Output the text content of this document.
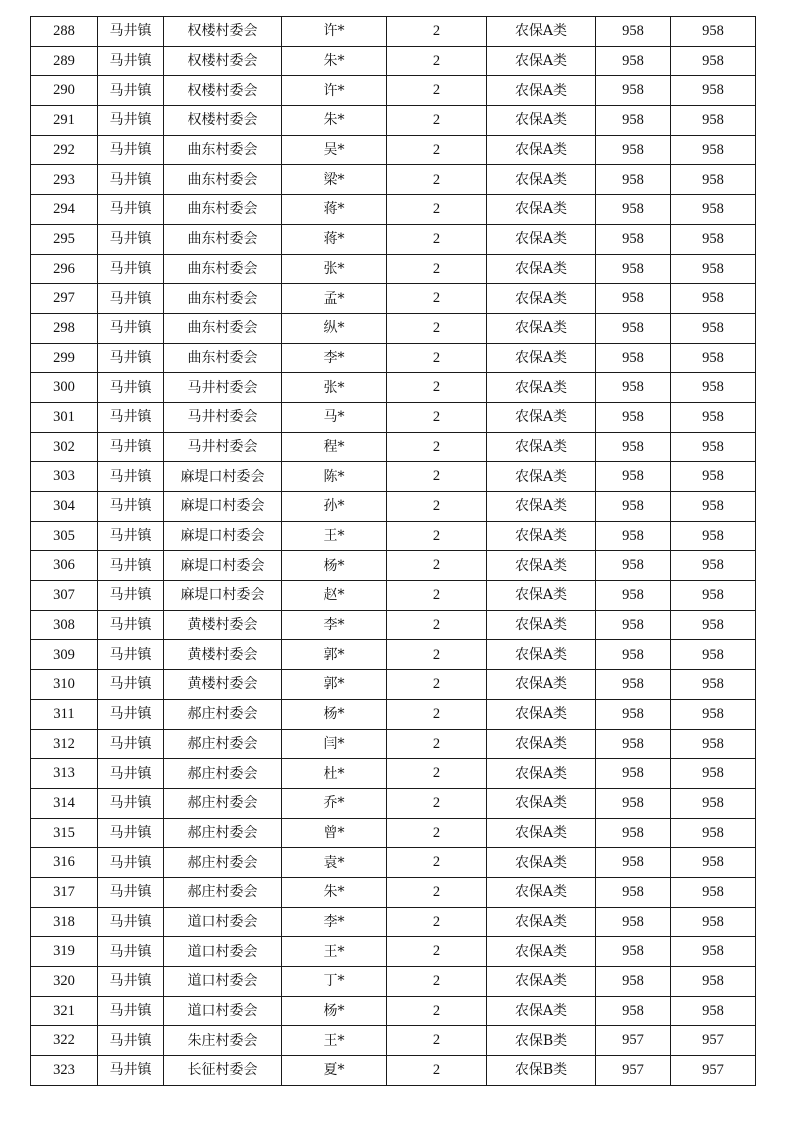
288	马井镇	权楼村委会	许*	2	农保A类	958	958
289	马井镇	权楼村委会	朱*	2	农保A类	958	958
290	马井镇	权楼村委会	许*	2	农保A类	958	958
291	马井镇	权楼村委会	朱*	2	农保A类	958	958
292	马井镇	曲东村委会	吴*	2	农保A类	958	958
293	马井镇	曲东村委会	梁*	2	农保A类	958	958
294	马井镇	曲东村委会	蒋*	2	农保A类	958	958
295	马井镇	曲东村委会	蒋*	2	农保A类	958	958
296	马井镇	曲东村委会	张*	2	农保A类	958	958
297	马井镇	曲东村委会	孟*	2	农保A类	958	958
298	马井镇	曲东村委会	纵*	2	农保A类	958	958
299	马井镇	曲东村委会	李*	2	农保A类	958	958
300	马井镇	马井村委会	张*	2	农保A类	958	958
301	马井镇	马井村委会	马*	2	农保A类	958	958
302	马井镇	马井村委会	程*	2	农保A类	958	958
303	马井镇	麻堤口村委会	陈*	2	农保A类	958	958
304	马井镇	麻堤口村委会	孙*	2	农保A类	958	958
305	马井镇	麻堤口村委会	王*	2	农保A类	958	958
306	马井镇	麻堤口村委会	杨*	2	农保A类	958	958
307	马井镇	麻堤口村委会	赵*	2	农保A类	958	958
308	马井镇	黄楼村委会	李*	2	农保A类	958	958
309	马井镇	黄楼村委会	郭*	2	农保A类	958	958
310	马井镇	黄楼村委会	郭*	2	农保A类	958	958
311	马井镇	郝庄村委会	杨*	2	农保A类	958	958
312	马井镇	郝庄村委会	闫*	2	农保A类	958	958
313	马井镇	郝庄村委会	杜*	2	农保A类	958	958
314	马井镇	郝庄村委会	乔*	2	农保A类	958	958
315	马井镇	郝庄村委会	曾*	2	农保A类	958	958
316	马井镇	郝庄村委会	袁*	2	农保A类	958	958
317	马井镇	郝庄村委会	朱*	2	农保A类	958	958
318	马井镇	道口村委会	李*	2	农保A类	958	958
319	马井镇	道口村委会	王*	2	农保A类	958	958
320	马井镇	道口村委会	丁*	2	农保A类	958	958
321	马井镇	道口村委会	杨*	2	农保A类	958	958
322	马井镇	朱庄村委会	王*	2	农保B类	957	957
323	马井镇	长征村委会	夏*	2	农保B类	957	957
